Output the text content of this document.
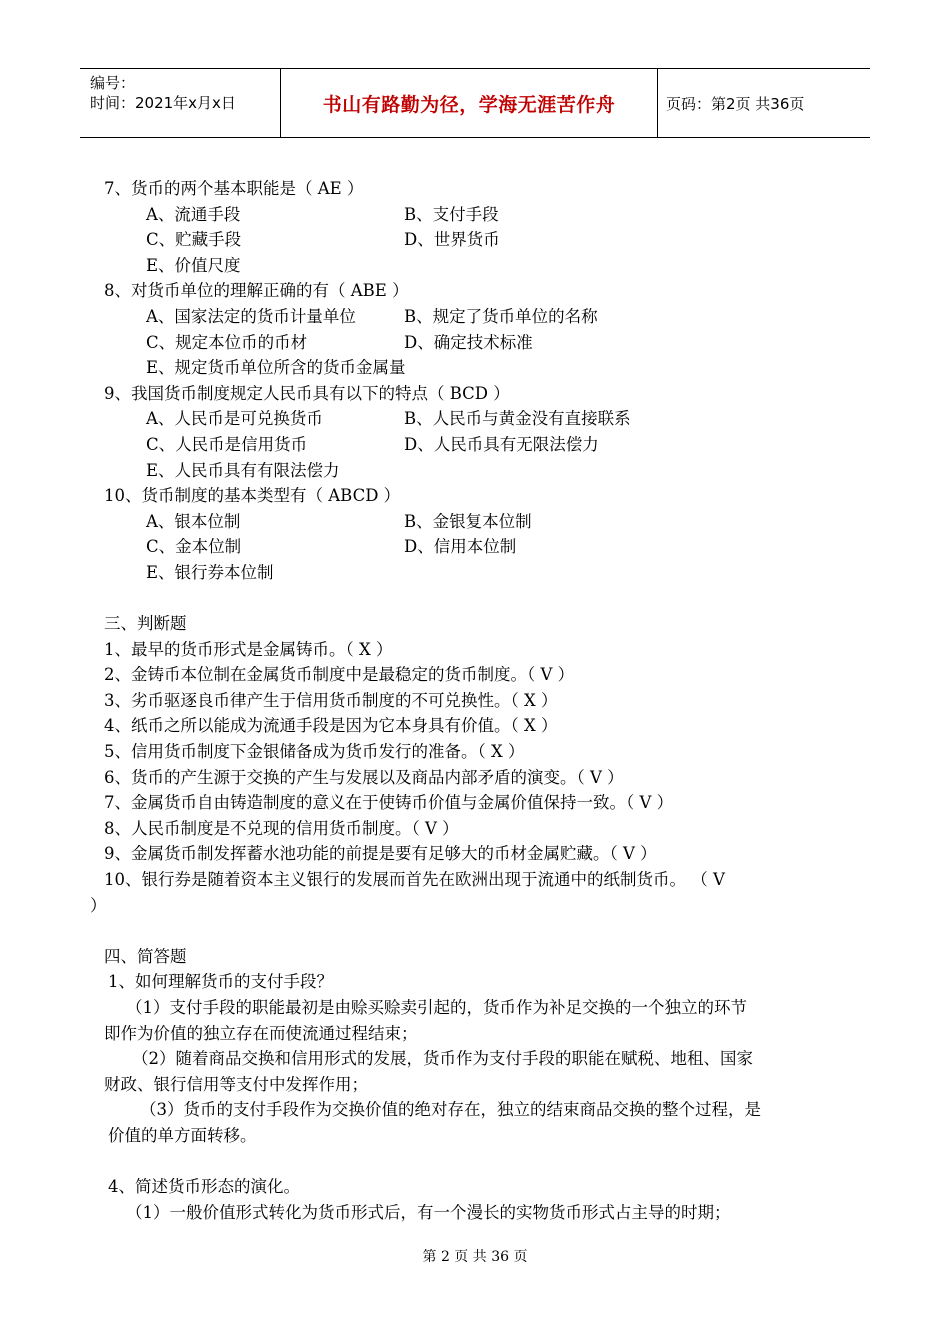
编号：
时间：2021年x月x日	书山有路勤为径，学海无涯苦作舟	页码：第2页 共36页
7、货币的两个基本职能是（ AE ）
A、流通手段	B、支付手段
C、贮藏手段	D、世界货币
E、价值尺度
8、对货币单位的理解正确的有（ ABE ）
A、国家法定的货币计量单位	B、规定了货币单位的名称
C、规定本位币的币材	D、确定技术标准
E、规定货币单位所含的货币金属量
9、我国货币制度规定人民币具有以下的特点（ BCD ）
A、人民币是可兑换货币	B、人民币与黄金没有直接联系
C、人民币是信用货币	D、人民币具有无限法偿力
E、人民币具有有限法偿力
10、货币制度的基本类型有（ ABCD ）
A、银本位制	B、金银复本位制
C、金本位制	D、信用本位制
E、银行券本位制
三、判断题
1、最早的货币形式是金属铸币。（ X ）
2、金铸币本位制在金属货币制度中是最稳定的货币制度。（ V ）
3、劣币驱逐良币律产生于信用货币制度的不可兑换性。（ X ）
4、纸币之所以能成为流通手段是因为它本身具有价值。（ X ）
5、信用货币制度下金银储备成为货币发行的准备。（ X ）
6、货币的产生源于交换的产生与发展以及商品内部矛盾的演变。（ V ）
7、金属货币自由铸造制度的意义在于使铸币价值与金属价值保持一致。（ V ）
8、人民币制度是不兑现的信用货币制度。（ V ）
9、金属货币制发挥蓄水池功能的前提是要有足够大的币材金属贮藏。（ V ）
10、银行券是随着资本主义银行的发展而首先在欧洲出现于流通中的纸制货币。 （ V
）
四、简答题
1、如何理解货币的支付手段？
（1）支付手段的职能最初是由赊买赊卖引起的，货币作为补足交换的一个独立的环节
即作为价值的独立存在而使流通过程结束；
（2）随着商品交换和信用形式的发展，货币作为支付手段的职能在赋税、地租、国家
财政、银行信用等支付中发挥作用；
（3）货币的支付手段作为交换价值的绝对存在，独立的结束商品交换的整个过程，是
价值的单方面转移。
4、简述货币形态的演化。
（1）一般价值形式转化为货币形式后，有一个漫长的实物货币形式占主导的时期；
第 2 页 共 36 页
